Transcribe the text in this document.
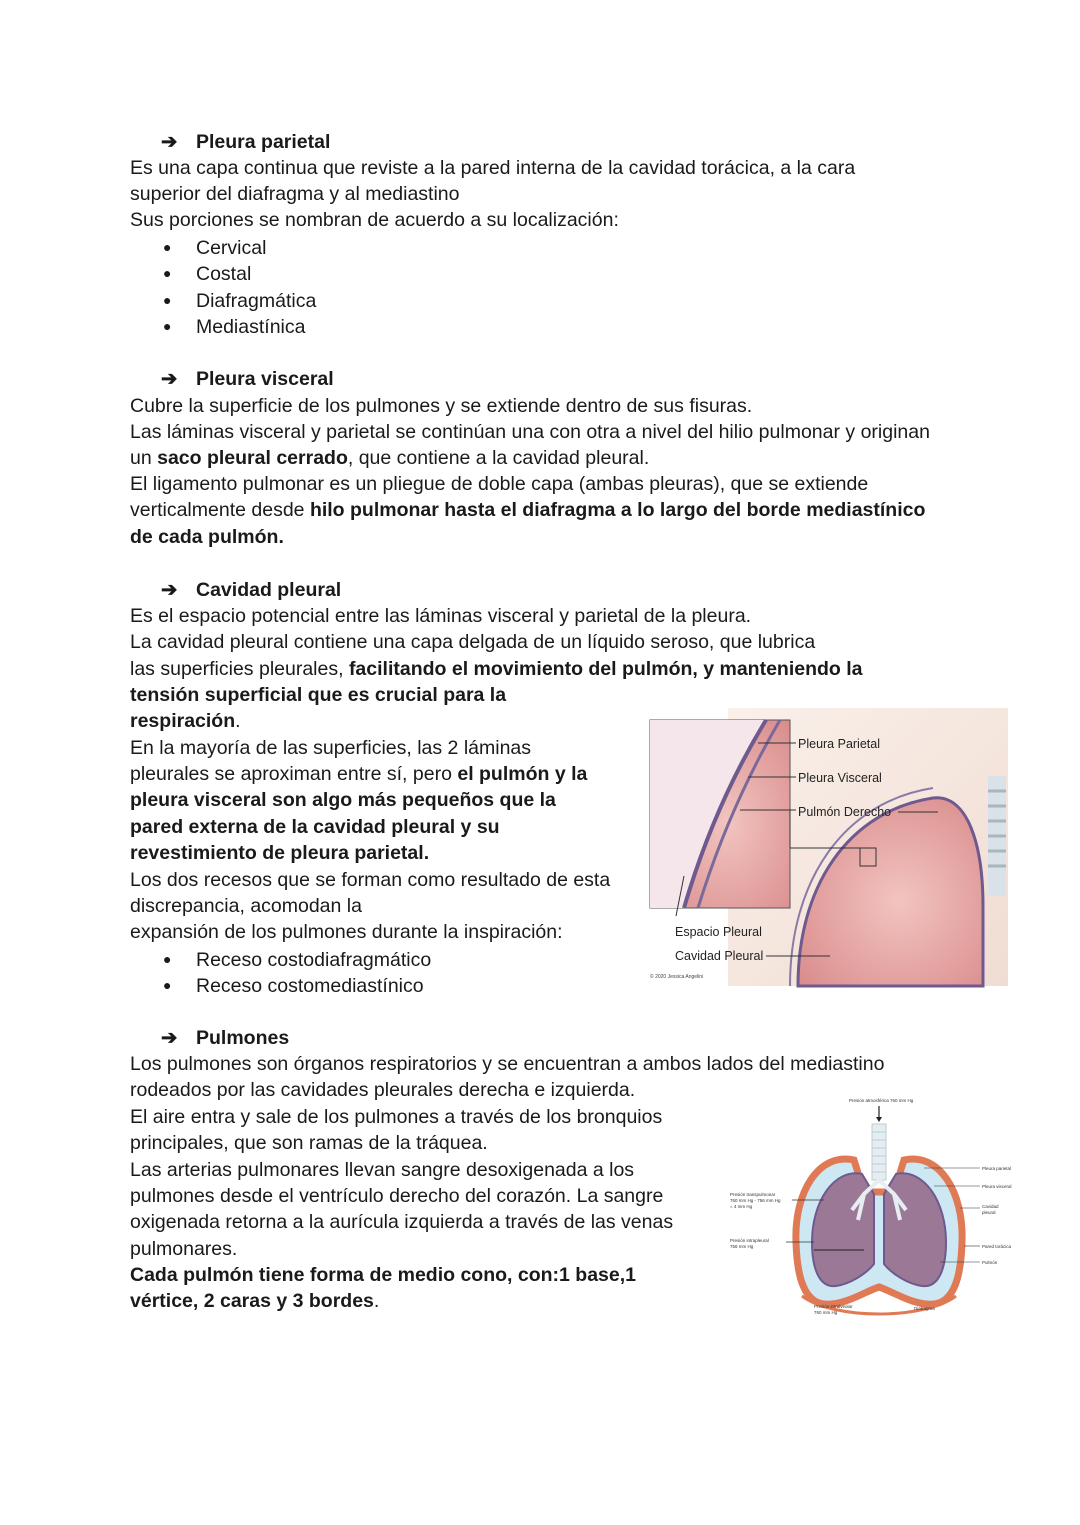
➔ Pleura parietal
Es una capa continua que reviste a la pared interna de la cavidad torácica, a la cara
superior del diafragma y al mediastino
Sus porciones se nombran de acuerdo a su localización:
● Cervical
● Costal
● Diafragmática
● Mediastínica
➔ Pleura visceral
Cubre la superficie de los pulmones y se extiende dentro de sus fisuras.
Las láminas visceral y parietal se continúan una con otra a nivel del hilio pulmonar y originan
un saco pleural cerrado, que contiene a la cavidad pleural.
El ligamento pulmonar es un pliegue de doble capa (ambas pleuras), que se extiende
verticalmente desde hilo pulmonar hasta el diafragma a lo largo del borde mediastínico
de cada pulmón.
➔ Cavidad pleural
Es el espacio potencial entre las láminas visceral y parietal de la pleura.
La cavidad pleural contiene una capa delgada de un líquido seroso, que lubrica
las superficies pleurales, facilitando el movimiento del pulmón, y manteniendo la
tensión superficial que es crucial para la
respiración.
En la mayoría de las superficies, las 2 láminas
pleurales se aproximan entre sí, pero el pulmón y la
pleura visceral son algo más pequeños que la
pared externa de la cavidad pleural y su
revestimiento de pleura parietal.
Los dos recesos que se forman como resultado de esta
discrepancia, acomodan la
expansión de los pulmones durante la inspiración:
● Receso costodiafragmático
● Receso costomediastínico
Pleura Parietal
Pleura Visceral
Pulmón Derecho
Espacio Pleural
Cavidad Pleural
© 2020 Jessica Angelini
➔ Pulmones
Los pulmones son órganos respiratorios y se encuentran a ambos lados del mediastino
rodeados por las cavidades pleurales derecha e izquierda.
El aire entra y sale de los pulmones a través de los bronquios
principales, que son ramas de la tráquea.
Las arterias pulmonares llevan sangre desoxigenada a los
pulmones desde el ventrículo derecho del corazón. La sangre
oxigenada retorna a la aurícula izquierda a través de las venas
pulmonares.
Cada pulmón tiene forma de medio cono, con:1 base,1
vértice, 2 caras y 3 bordes.
Presión atmosférica 760 mm Hg
Presión transpulmonar
760 mm Hg - 756 mm Hg
= 4 mm Hg
Presión intrapleural
756 mm Hg
Presión intralveolar
760 mm Hg
Diafragma
Pleura parietal
Pleura visceral
Cavidad
pleural
Pared torácica
Pulmón
